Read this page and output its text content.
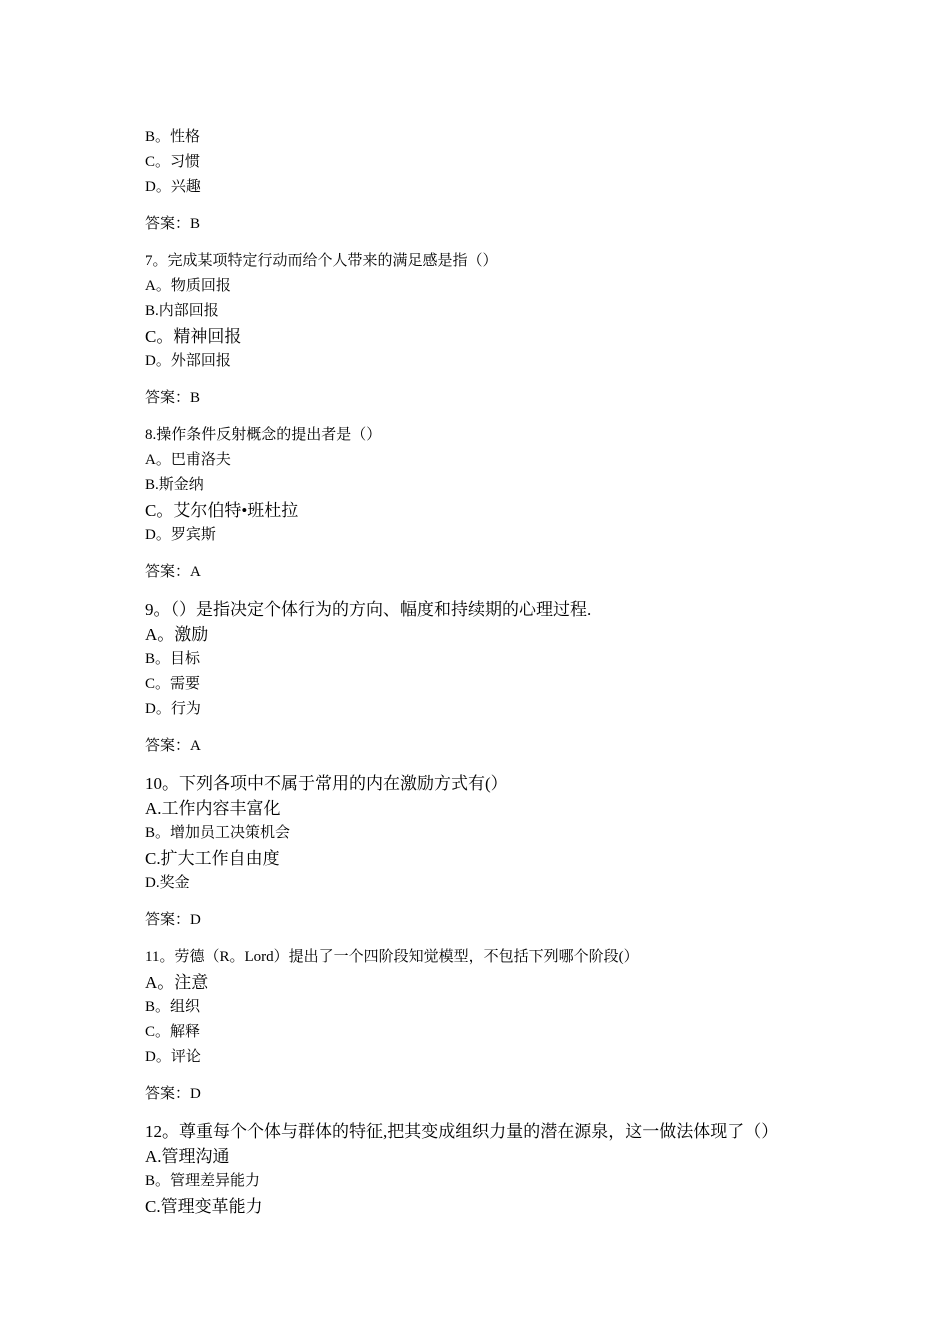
B。性格
C。习惯
D。兴趣
答案：B
7。完成某项特定行动而给个人带来的满足感是指（）
A。物质回报
B.内部回报
C。精神回报
D。外部回报
答案：B
8.操作条件反射概念的提出者是（）
A。巴甫洛夫
B.斯金纳
C。艾尔伯特•班杜拉
D。罗宾斯
答案：A
9。（）是指决定个体行为的方向、幅度和持续期的心理过程.
A。激励
B。目标
C。需要
D。行为
答案：A
10。下列各项中不属于常用的内在激励方式有(）
A.工作内容丰富化
B。增加员工决策机会
C.扩大工作自由度
D.奖金
答案：D
11。劳德（R。Lord）提出了一个四阶段知觉模型，不包括下列哪个阶段(）
A。注意
B。组织
C。解释
D。评论
答案：D
12。尊重每个个体与群体的特征,把其变成组织力量的潜在源泉，这一做法体现了（）
A.管理沟通
B。管理差异能力
C.管理变革能力
